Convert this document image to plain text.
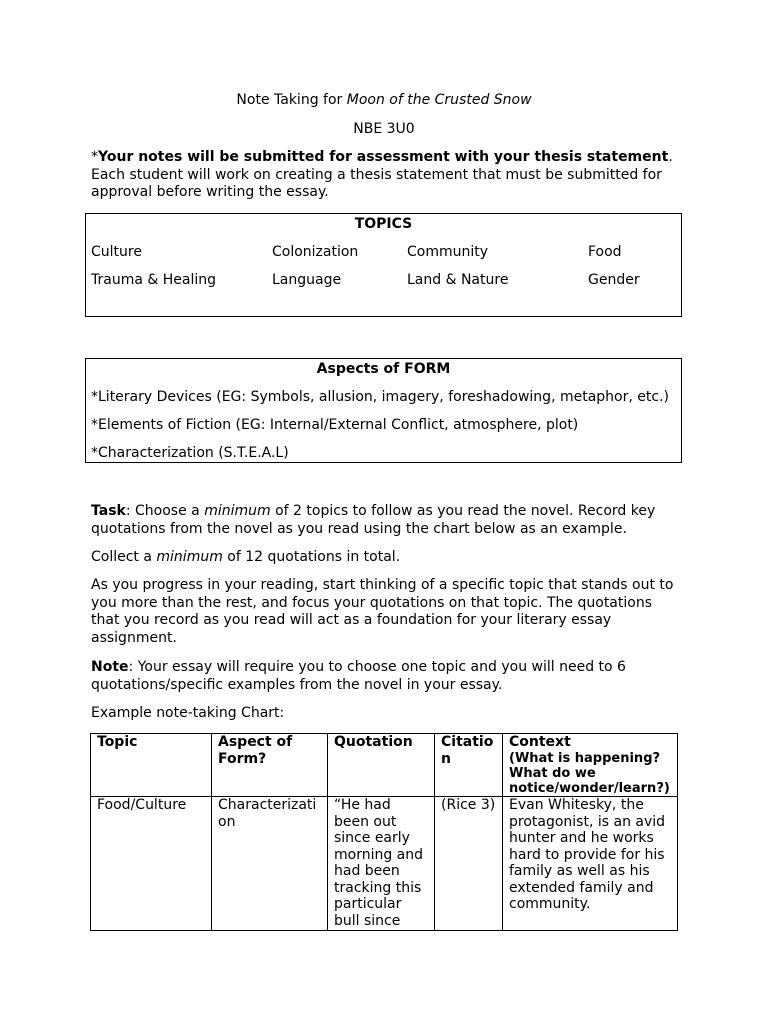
Note Taking for Moon of the Crusted Snow
NBE 3U0
*Your notes will be submitted for assessment with your thesis statement.
Each student will work on creating a thesis statement that must be submitted for
approval before writing the essay.
TOPICS
Culture	Colonization	Community	Food
Trauma & Healing	Language	Land & Nature	Gender
Aspects of FORM
*Literary Devices (EG: Symbols, allusion, imagery, foreshadowing, metaphor, etc.)
*Elements of Fiction (EG: Internal/External Conflict, atmosphere, plot)
*Characterization (S.T.E.A.L)
Task: Choose a minimum of 2 topics to follow as you read the novel. Record key
quotations from the novel as you read using the chart below as an example.
Collect a minimum of 12 quotations in total.
As you progress in your reading, start thinking of a specific topic that stands out to
you more than the rest, and focus your quotations on that topic. The quotations
that you record as you read will act as a foundation for your literary essay
assignment.
Note: Your essay will require you to choose one topic and you will need to 6
quotations/specific examples from the novel in your essay.
Example note-taking Chart:
Topic	Aspect of Form?	Quotation	Citation	Context
(What is happening? What do we notice/wonder/learn?)

Food/Culture	Characterization	“He had been out since early morning and had been tracking this particular bull since	(Rice 3)	Evan Whitesky, the protagonist, is an avid hunter and he works hard to provide for his family as well as his extended family and community.
